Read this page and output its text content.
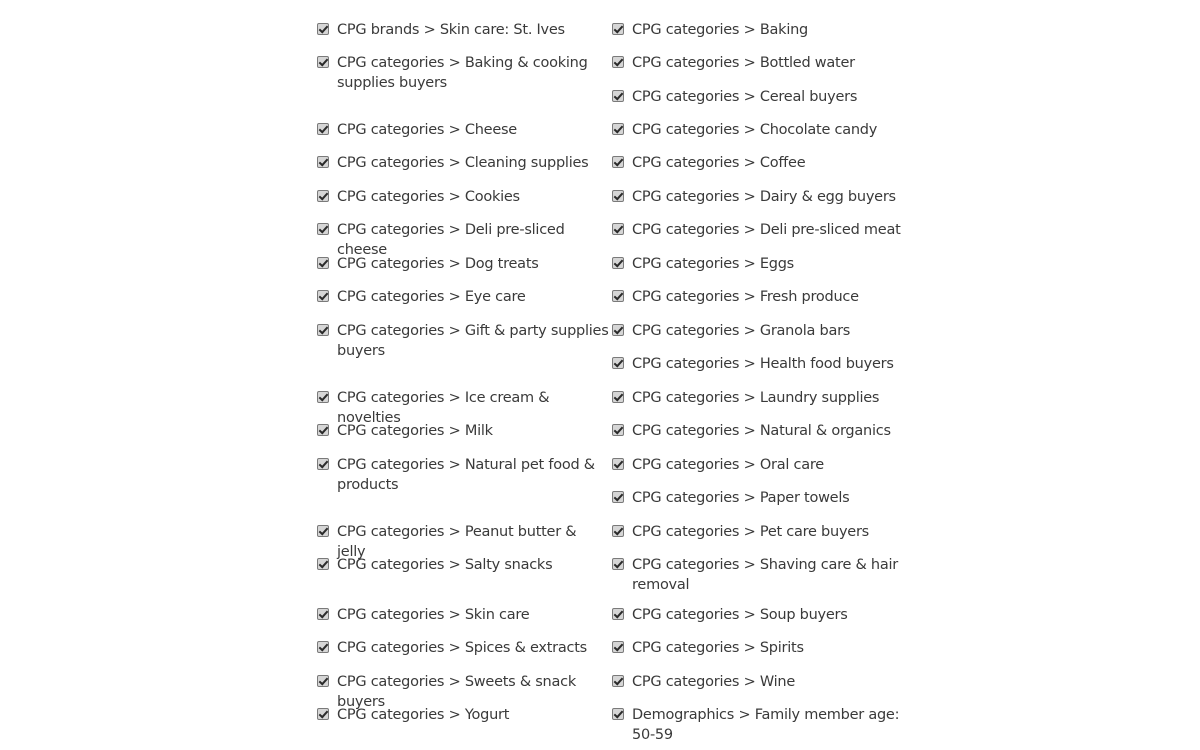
CPG brands > Skin care: St. Ives
CPG categories > Baking & cooking supplies buyers
CPG categories > Cheese
CPG categories > Cleaning supplies
CPG categories > Cookies
CPG categories > Deli pre-sliced cheese
CPG categories > Dog treats
CPG categories > Eye care
CPG categories > Gift & party supplies buyers
CPG categories > Ice cream & novelties
CPG categories > Milk
CPG categories > Natural pet food & products
CPG categories > Peanut butter & jelly
CPG categories > Salty snacks
CPG categories > Skin care
CPG categories > Spices & extracts
CPG categories > Sweets & snack buyers
CPG categories > Yogurt
CPG categories > Baking
CPG categories > Bottled water
CPG categories > Cereal buyers
CPG categories > Chocolate candy
CPG categories > Coffee
CPG categories > Dairy & egg buyers
CPG categories > Deli pre-sliced meat
CPG categories > Eggs
CPG categories > Fresh produce
CPG categories > Granola bars
CPG categories > Health food buyers
CPG categories > Laundry supplies
CPG categories > Natural & organics
CPG categories > Oral care
CPG categories > Paper towels
CPG categories > Pet care buyers
CPG categories > Shaving care & hair removal
CPG categories > Soup buyers
CPG categories > Spirits
CPG categories > Wine
Demographics > Family member age: 50-59
